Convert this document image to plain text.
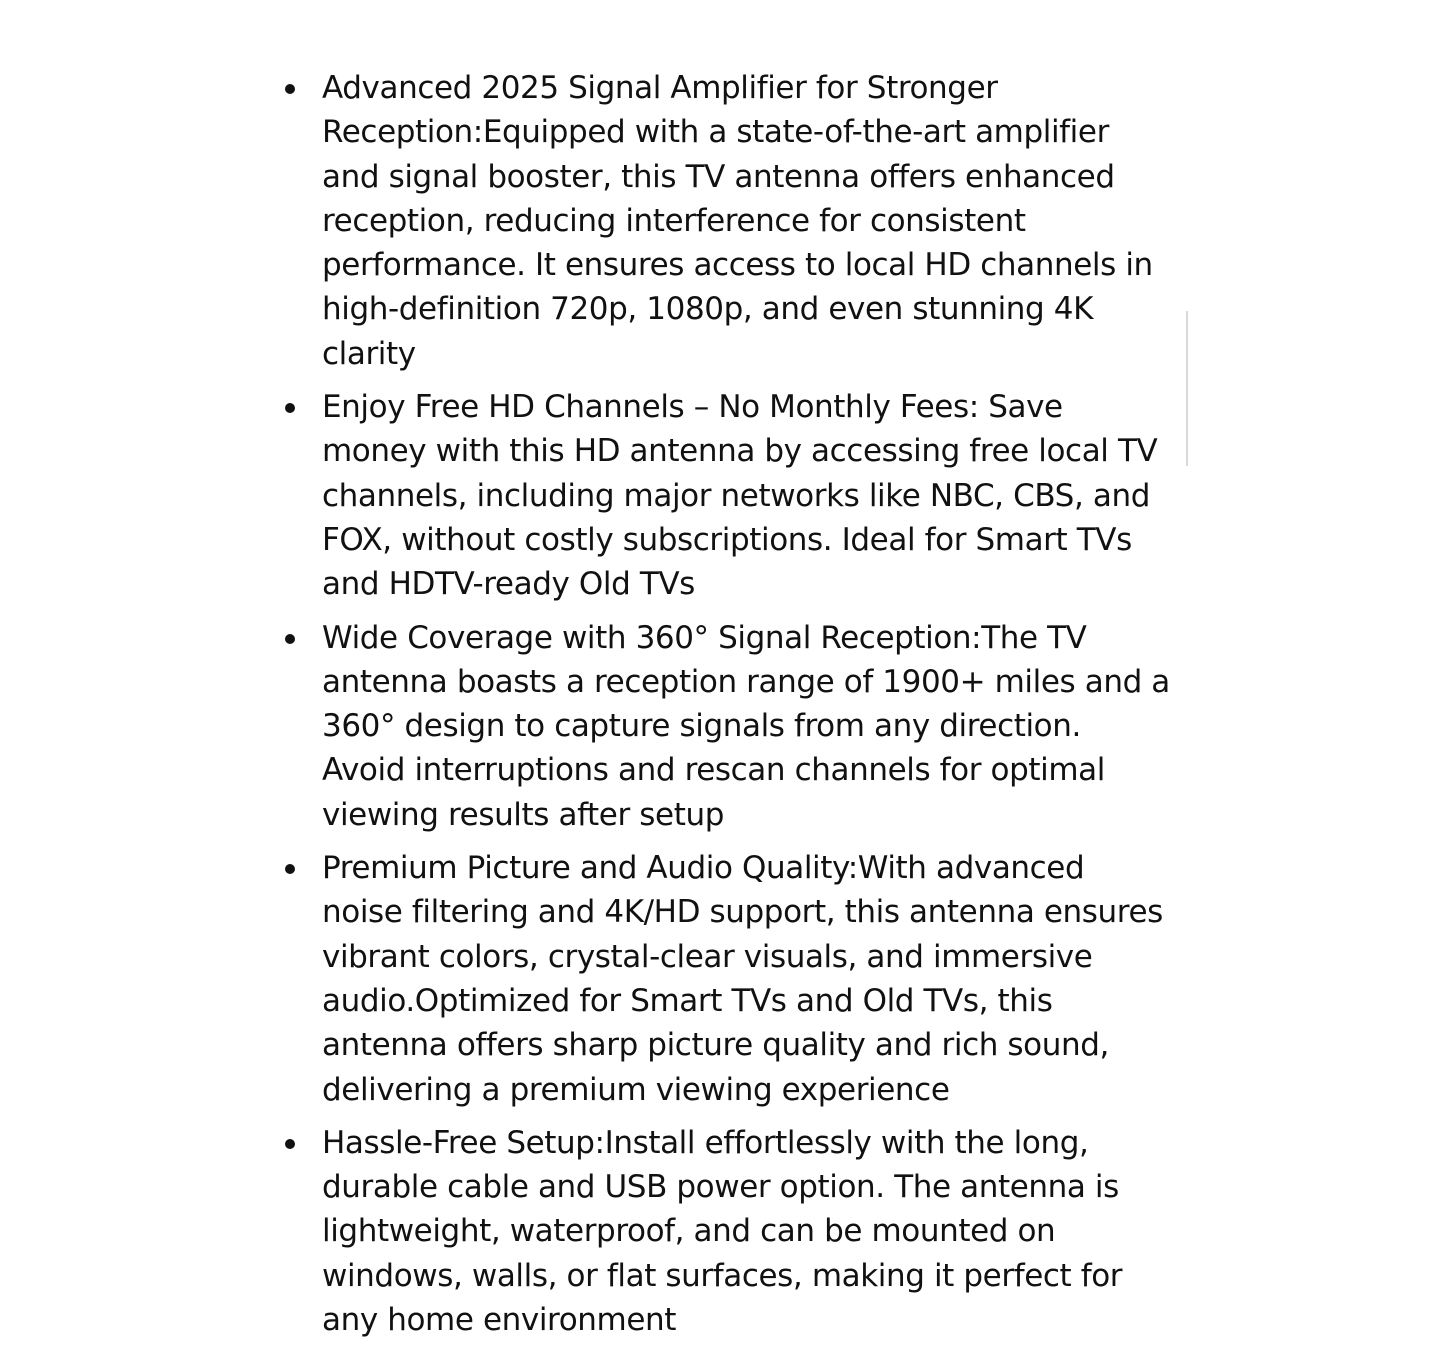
Advanced 2025 Signal Amplifier for Stronger Reception:Equipped with a state-of-the-art amplifier and signal booster, this TV antenna offers enhanced reception, reducing interference for consistent performance. It ensures access to local HD channels in high-definition 720p, 1080p, and even stunning 4K clarity
Enjoy Free HD Channels – No Monthly Fees: Save money with this HD antenna by accessing free local TV channels, including major networks like NBC, CBS, and FOX, without costly subscriptions. Ideal for Smart TVs and HDTV-ready Old TVs
Wide Coverage with 360° Signal Reception:The TV antenna boasts a reception range of 1900+ miles and a 360° design to capture signals from any direction. Avoid interruptions and rescan channels for optimal viewing results after setup
Premium Picture and Audio Quality:With advanced noise filtering and 4K/HD support, this antenna ensures vibrant colors, crystal-clear visuals, and immersive audio.Optimized for Smart TVs and Old TVs, this antenna offers sharp picture quality and rich sound, delivering a premium viewing experience
Hassle-Free Setup:Install effortlessly with the long, durable cable and USB power option. The antenna is lightweight, waterproof, and can be mounted on windows, walls, or flat surfaces, making it perfect for any home environment
